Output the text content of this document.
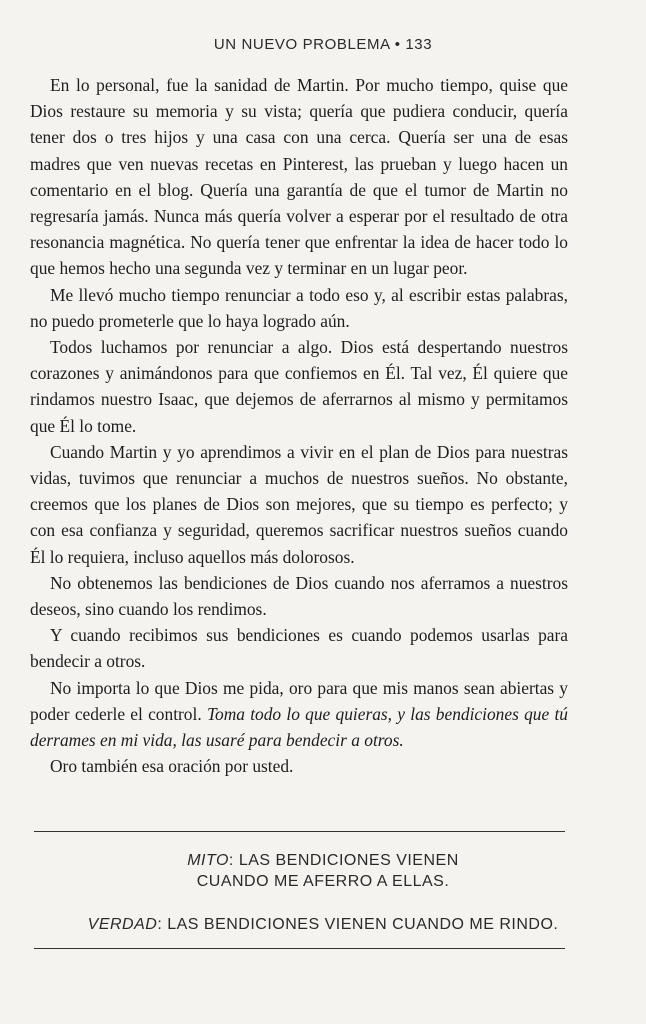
UN NUEVO PROBLEMA • 133

En lo personal, fue la sanidad de Martin. Por mucho tiempo, quise que Dios restaure su memoria y su vista; quería que pudiera conducir, quería tener dos o tres hijos y una casa con una cerca. Quería ser una de esas madres que ven nuevas recetas en Pinterest, las prueban y luego hacen un comentario en el blog. Quería una garantía de que el tumor de Martin no regresaría jamás. Nunca más quería volver a esperar por el resultado de otra resonancia magnética. No quería tener que enfrentar la idea de hacer todo lo que hemos hecho una segunda vez y terminar en un lugar peor.

Me llevó mucho tiempo renunciar a todo eso y, al escribir estas palabras, no puedo prometerle que lo haya logrado aún.

Todos luchamos por renunciar a algo. Dios está despertando nuestros corazones y animándonos para que confiemos en Él. Tal vez, Él quiere que rindamos nuestro Isaac, que dejemos de aferrarnos al mismo y permitamos que Él lo tome.

Cuando Martin y yo aprendimos a vivir en el plan de Dios para nuestras vidas, tuvimos que renunciar a muchos de nuestros sueños. No obstante, creemos que los planes de Dios son mejores, que su tiempo es perfecto; y con esa confianza y seguridad, queremos sacrificar nuestros sueños cuando Él lo requiera, incluso aquellos más dolorosos.

No obtenemos las bendiciones de Dios cuando nos aferramos a nuestros deseos, sino cuando los rendimos.

Y cuando recibimos sus bendiciones es cuando podemos usarlas para bendecir a otros.

No importa lo que Dios me pida, oro para que mis manos sean abiertas y poder cederle el control. Toma todo lo que quieras, y las bendiciones que tú derrames en mi vida, las usaré para bendecir a otros.

Oro también esa oración por usted.

MITO: LAS BENDICIONES VIENEN
CUANDO ME AFERRO A ELLAS.
VERDAD: LAS BENDICIONES VIENEN CUANDO ME RINDO.
